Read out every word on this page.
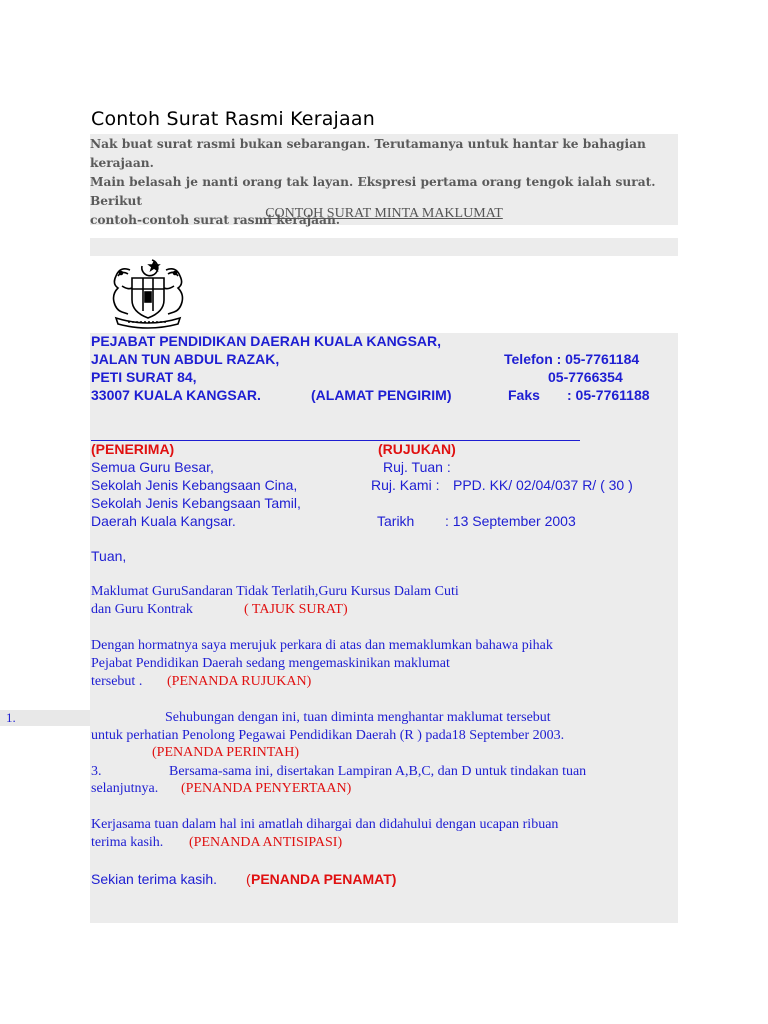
Contoh Surat Rasmi Kerajaan
Nak buat surat rasmi bukan sebarangan. Terutamanya untuk hantar ke bahagian kerajaan.
Main belasah je nanti orang tak layan. Ekspresi pertama orang tengok ialah surat. Berikut
contoh-contoh surat rasmi kerajaan.
CONTOH SURAT MINTA MAKLUMAT
PEJABAT PENDIDIKAN DAERAH KUALA KANGSAR,
JALAN TUN ABDUL RAZAK,
PETI SURAT 84,
33007 KUALA KANGSAR.	(ALAMAT PENGIRIM)
Telefon : 05-7761184
05-7766354
Faks : 05-7761188
(PENERIMA)	(RUJUKAN)
Semua Guru Besar,
Sekolah Jenis Kebangsaan Cina,
Sekolah Jenis Kebangsaan Tamil,
Daerah Kuala Kangsar.
Ruj. Tuan :
Ruj. Kami : PPD. KK/ 02/04/037 R/ ( 30 )
Tarikh : 13 September 2003
Tuan,
Maklumat GuruSandaran Tidak Terlatih,Guru Kursus Dalam Cuti
dan Guru Kontrak	( TAJUK SURAT)
Dengan hormatnya saya merujuk perkara di atas dan memaklumkan bahawa pihak
Pejabat Pendidikan Daerah sedang mengemaskinikan maklumat
tersebut . (PENANDA RUJUKAN)
1.	Sehubungan dengan ini, tuan diminta menghantar maklumat tersebut
untuk perhatian Penolong Pegawai Pendidikan Daerah (R ) pada18 September 2003.
(PENANDA PERINTAH)
3.	Bersama-sama ini, disertakan Lampiran A,B,C, dan D untuk tindakan tuan
selanjutnya. (PENANDA PENYERTAAN)
Kerjasama tuan dalam hal ini amatlah dihargai dan didahului dengan ucapan ribuan
terima kasih. (PENANDA ANTISIPASI)
Sekian terima kasih. ( PENANDA PENAMAT)
